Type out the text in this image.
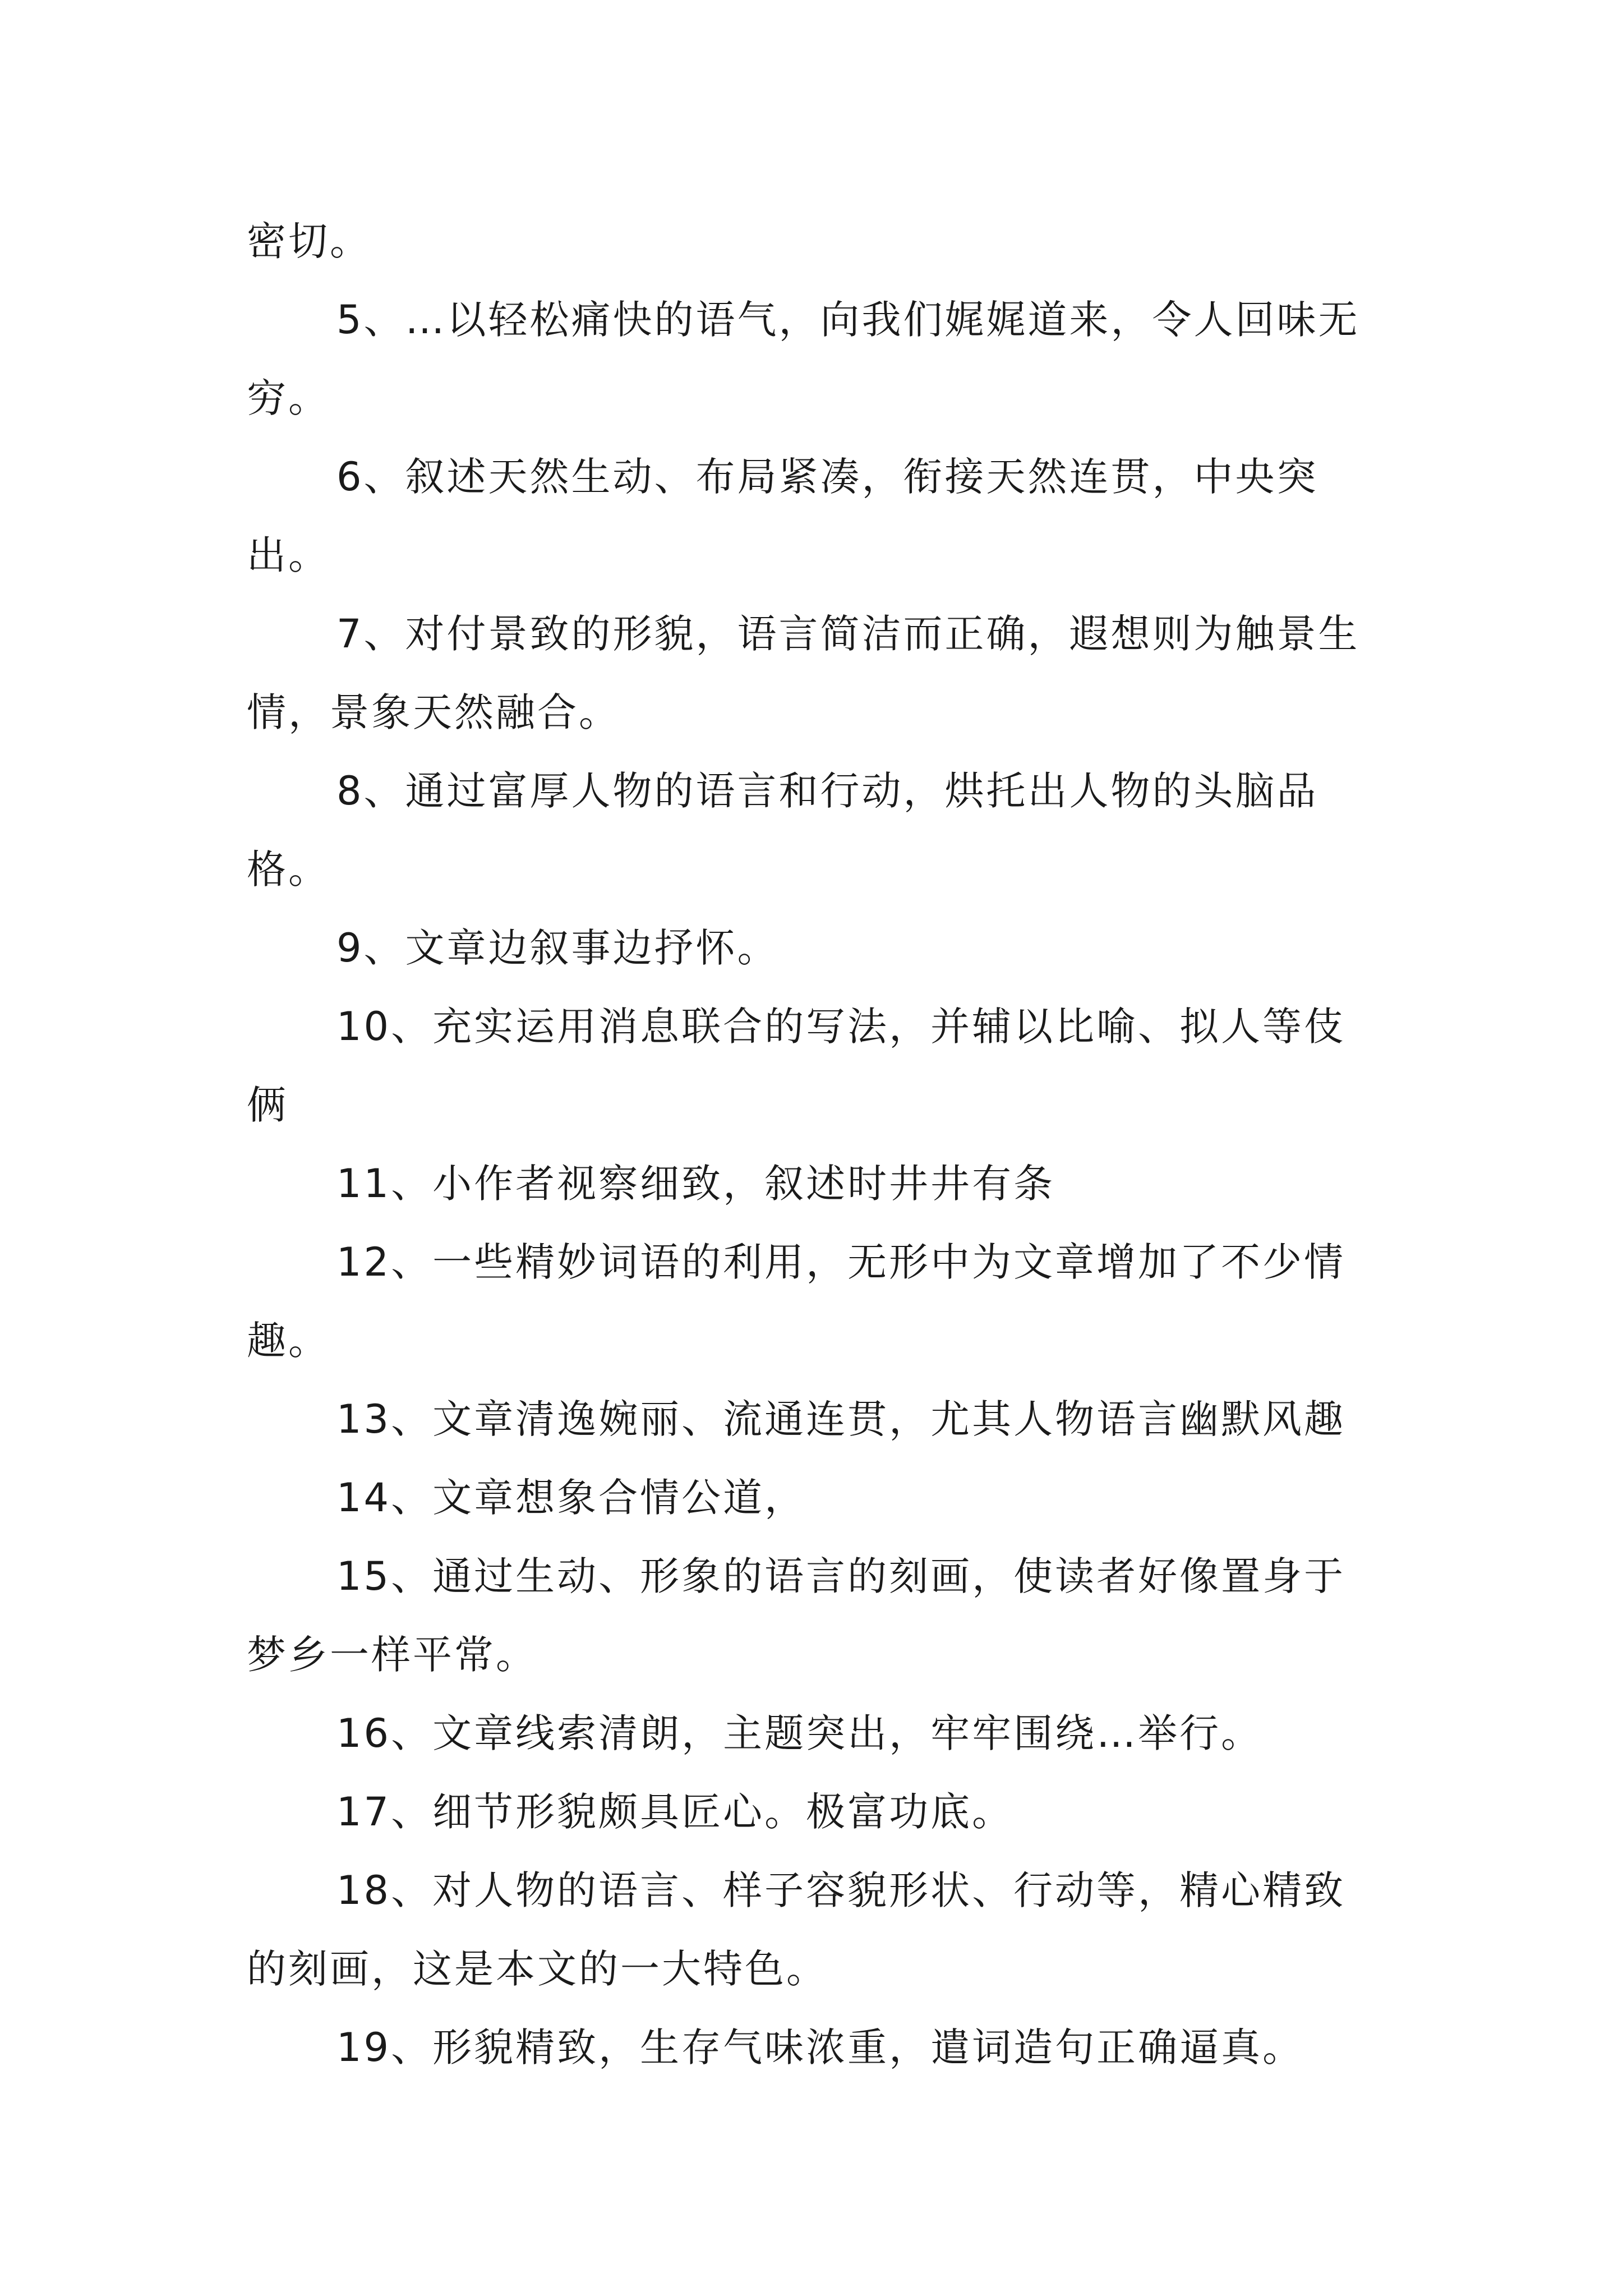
密切。

5、…以轻松痛快的语气，向我们娓娓道来，令人回味无穷。

6、叙述天然生动、布局紧凑，衔接天然连贯，中央突出。

7、对付景致的形貌，语言简洁而正确，遐想则为触景生情，景象天然融合。

8、通过富厚人物的语言和行动，烘托出人物的头脑品格。

9、文章边叙事边抒怀。

10、充实运用消息联合的写法，并辅以比喻、拟人等伎俩

11、小作者视察细致，叙述时井井有条

12、一些精妙词语的利用，无形中为文章增加了不少情趣。

13、文章清逸婉丽、流通连贯，尤其人物语言幽默风趣

14、文章想象合情公道，

15、通过生动、形象的语言的刻画，使读者好像置身于梦乡一样平常。

16、文章线索清朗，主题突出，牢牢围绕…举行。

17、细节形貌颇具匠心。极富功底。

18、对人物的语言、样子容貌形状、行动等，精心精致的刻画，这是本文的一大特色。

19、形貌精致，生存气味浓重，遣词造句正确逼真。
